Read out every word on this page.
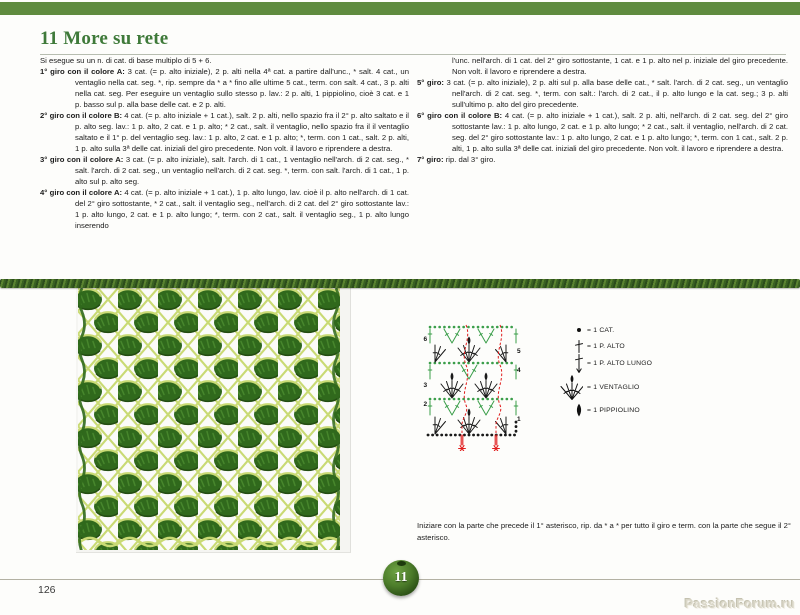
11 More su rete

Si esegue su un n. di cat. di base multiplo di 5 + 6.

1° giro con il colore A: 3 cat. (= p. alto iniziale), 2 p. alti nella 4ª cat. a partire dall'unc., * salt. 4 cat., un ventaglio nella cat. seg. *, rip. sempre da * a * fino alle ultime 5 cat., term. con salt. 4 cat., 3 p. alti nella cat. seg. Per eseguire un ventaglio sullo stesso p. lav.: 2 p. alti, 1 pippiolino, cioè 3 cat. e 1 p. basso sul p. alla base delle cat. e 2 p. alti.

2° giro con il colore B: 4 cat. (= p. alto iniziale + 1 cat.), salt. 2 p. alti, nello spazio fra il 2° p. alto saltato e il p. alto seg. lav.: 1 p. alto, 2 cat. e 1 p. alto; * 2 cat., salt. il ventaglio, nello spazio fra il il ventaglio saltato e il 1° p. del ventaglio seg. lav.: 1 p. alto, 2 cat. e 1 p. alto; *, term. con 1 cat., salt. 2 p. alti, 1 p. alto sulla 3ª delle cat. iniziali del giro precedente. Non volt. il lavoro e riprendere a destra.

3° giro con il colore A: 3 cat. (= p. alto iniziale), salt. l'arch. di 1 cat., 1 ventaglio nell'arch. di 2 cat. seg., * salt. l'arch. di 2 cat. seg., un ventaglio nell'arch. di 2 cat. seg. *, term. con salt. l'arch. di 1 cat., 1 p. alto sul p. alto seg.

4° giro con il colore A: 4 cat. (= p. alto iniziale + 1 cat.), 1 p. alto lungo, lav. cioè il p. alto nell'arch. di 1 cat. del 2° giro sottostante, * 2 cat., salt. il ventaglio seg., nell'arch. di 2 cat. del 2° giro sottostante lav.: 1 p. alto lungo, 2 cat. e 1 p. alto lungo; *, term. con 2 cat., salt. il ventaglio seg., 1 p. alto lungo inserendo

l'unc. nell'arch. di 1 cat. del 2° giro sottostante, 1 cat. e 1 p. alto nel p. iniziale del giro precedente. Non volt. il lavoro e riprendere a destra.

5° giro: 3 cat. (= p. alto iniziale), 2 p. alti sul p. alla base delle cat., * salt. l'arch. di 2 cat. seg., un ventaglio nell'arch. di 2 cat. seg. *, term. con salt.: l'arch. di 2 cat., il p. alto lungo e la cat. seg.; 3 p. alti sull'ultimo p. alto del giro precedente.

6° giro con il colore B: 4 cat. (= p. alto iniziale + 1 cat.), salt. 2 p. alti, nell'arch. di 2 cat. seg. del 2° giro sottostante lav.: 1 p. alto lungo, 2 cat. e 1 p. alto lungo; * 2 cat., salt. il ventaglio, nell'arch. di 2 cat. seg. del 2° giro sottostante lav.: 1 p. alto lungo, 2 cat. e 1 p. alto lungo; *, term. con 1 cat., salt. 2 p. alti, 1 p. alto sulla 3ª delle cat. iniziali del giro precedente. Non volt. il lavoro e riprendere a destra.

7° giro: rip. dal 3° giro.

6
3
2
5
4
1
= 1 CAT.
= 1 P. ALTO
= 1 P. ALTO LUNGO
= 1 VENTAGLIO
= 1 PIPPIOLINO
Iniziare con la parte che precede il 1° asterisco, rip. da * a * per tutto il giro e term. con la parte che segue il 2° asterisco.
126
11
PassionForum.ru
